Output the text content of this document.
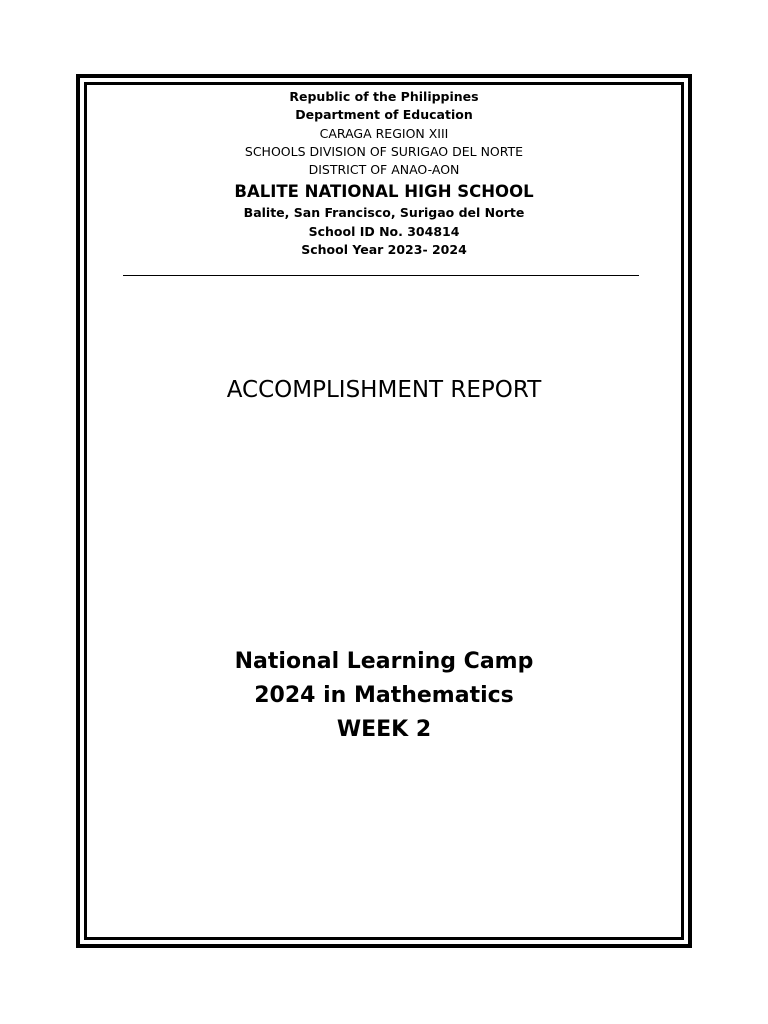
Republic of the Philippines
Department of Education
CARAGA REGION XIII
SCHOOLS DIVISION OF SURIGAO DEL NORTE
DISTRICT OF ANAO-AON
BALITE NATIONAL HIGH SCHOOL
Balite, San Francisco, Surigao del Norte
School ID No. 304814
School Year 2023- 2024
ACCOMPLISHMENT REPORT
National Learning Camp
2024 in Mathematics
WEEK 2
